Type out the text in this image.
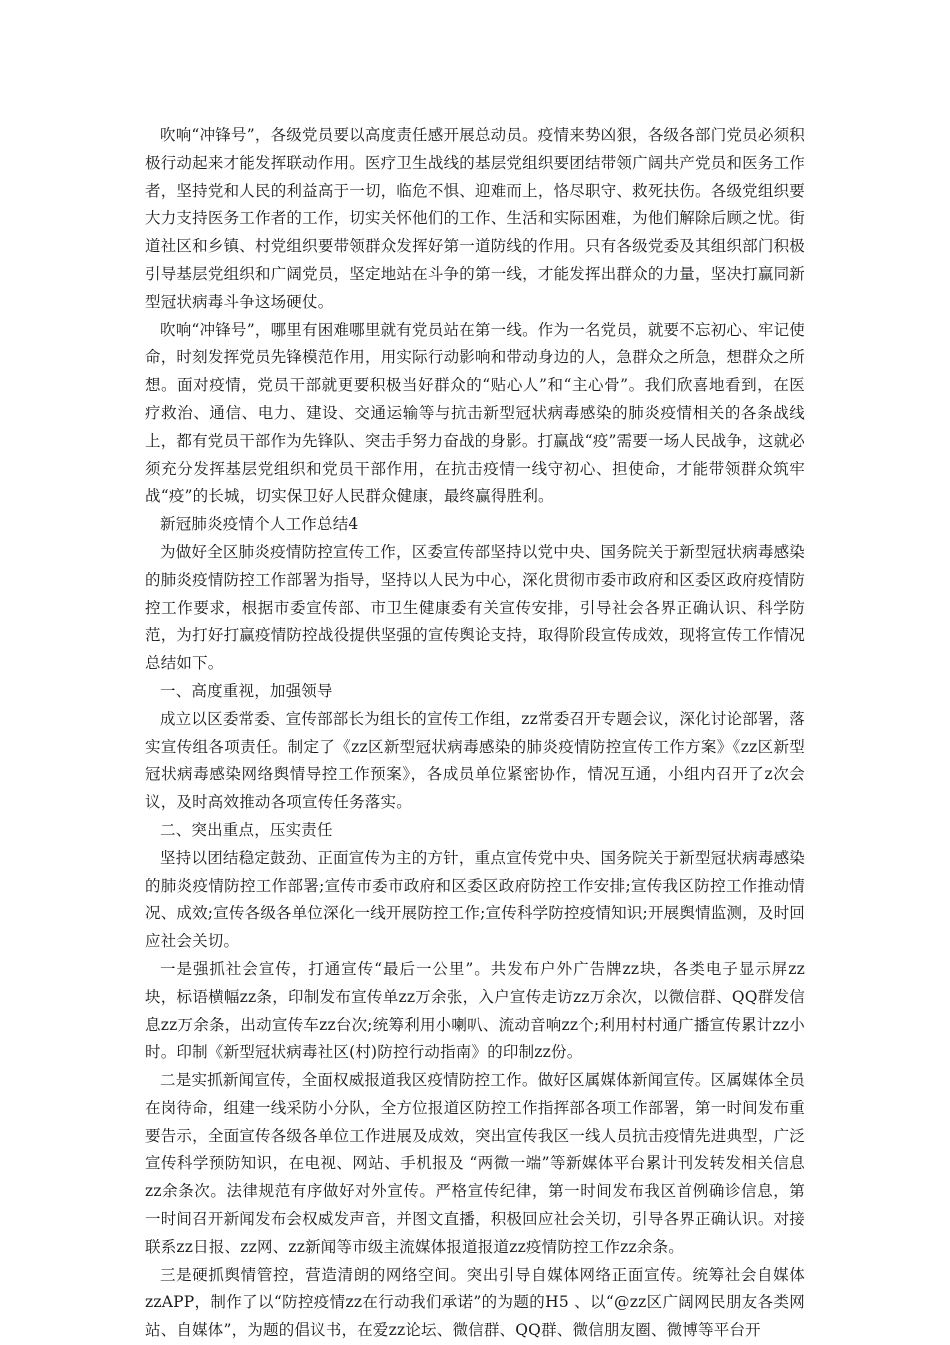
吹响“冲锋号”，各级党员要以高度责任感开展总动员。疫情来势凶狠，各级各部门党员必须积极行动起来才能发挥联动作用。医疗卫生战线的基层党组织要团结带领广阔共产党员和医务工作者，坚持党和人民的利益高于一切，临危不惧、迎难而上，恪尽职守、救死扶伤。各级党组织要大力支持医务工作者的工作，切实关怀他们的工作、生活和实际困难，为他们解除后顾之忧。街道社区和乡镇、村党组织要带领群众发挥好第一道防线的作用。只有各级党委及其组织部门积极引导基层党组织和广阔党员，坚定地站在斗争的第一线，才能发挥出群众的力量，坚决打赢同新型冠状病毒斗争这场硬仗。

吹响“冲锋号”，哪里有困难哪里就有党员站在第一线。作为一名党员，就要不忘初心、牢记使命，时刻发挥党员先锋模范作用，用实际行动影响和带动身边的人，急群众之所急，想群众之所想。面对疫情，党员干部就更要积极当好群众的“贴心人”和“主心骨”。我们欣喜地看到，在医疗救治、通信、电力、建设、交通运输等与抗击新型冠状病毒感染的肺炎疫情相关的各条战线上，都有党员干部作为先锋队、突击手努力奋战的身影。打赢战“疫”需要一场人民战争，这就必须充分发挥基层党组织和党员干部作用，在抗击疫情一线守初心、担使命，才能带领群众筑牢战“疫”的长城，切实保卫好人民群众健康，最终赢得胜利。

新冠肺炎疫情个人工作总结4

为做好全区肺炎疫情防控宣传工作，区委宣传部坚持以党中央、国务院关于新型冠状病毒感染的肺炎疫情防控工作部署为指导，坚持以人民为中心，深化贯彻市委市政府和区委区政府疫情防控工作要求，根据市委宣传部、市卫生健康委有关宣传安排，引导社会各界正确认识、科学防范，为打好打赢疫情防控战役提供坚强的宣传舆论支持，取得阶段宣传成效，现将宣传工作情况总结如下。

一、高度重视，加强领导

成立以区委常委、宣传部部长为组长的宣传工作组，zz常委召开专题会议，深化讨论部署，落实宣传组各项责任。制定了《zz区新型冠状病毒感染的肺炎疫情防控宣传工作方案》《zz区新型冠状病毒感染网络舆情导控工作预案》，各成员单位紧密协作，情况互通，小组内召开了z次会议，及时高效推动各项宣传任务落实。

二、突出重点，压实责任

坚持以团结稳定鼓劲、正面宣传为主的方针，重点宣传党中央、国务院关于新型冠状病毒感染的肺炎疫情防控工作部署;宣传市委市政府和区委区政府防控工作安排;宣传我区防控工作推动情况、成效;宣传各级各单位深化一线开展防控工作;宣传科学防控疫情知识;开展舆情监测，及时回应社会关切。

一是强抓社会宣传，打通宣传“最后一公里”。共发布户外广告牌zz块，各类电子显示屏zz块，标语横幅zz条，印制发布宣传单zz万余张，入户宣传走访zz万余次，以微信群、QQ群发信息zz万余条，出动宣传车zz台次;统筹利用小喇叭、流动音响zz个;利用村村通广播宣传累计zz小时。印制《新型冠状病毒社区(村)防控行动指南》的印制zz份。

二是实抓新闻宣传，全面权威报道我区疫情防控工作。做好区属媒体新闻宣传。区属媒体全员在岗待命，组建一线采防小分队，全方位报道区防控工作指挥部各项工作部署，第一时间发布重要告示，全面宣传各级各单位工作进展及成效，突出宣传我区一线人员抗击疫情先进典型，广泛宣传科学预防知识，在电视、网站、手机报及 “两微一端”等新媒体平台累计刊发转发相关信息zz余条次。法律规范有序做好对外宣传。严格宣传纪律，第一时间发布我区首例确诊信息，第一时间召开新闻发布会权威发声音，并图文直播，积极回应社会关切，引导各界正确认识。对接联系zz日报、zz网、zz新闻等市级主流媒体报道报道zz疫情防控工作zz余条。

三是硬抓舆情管控，营造清朗的网络空间。突出引导自媒体网络正面宣传。统筹社会自媒体zzAPP，制作了以“防控疫情zz在行动我们承诺”的为题的H5 、以“@zz区广阔网民朋友各类网站、自媒体”，为题的倡议书，在爱zz论坛、微信群、QQ群、微信朋友圈、微博等平台开
